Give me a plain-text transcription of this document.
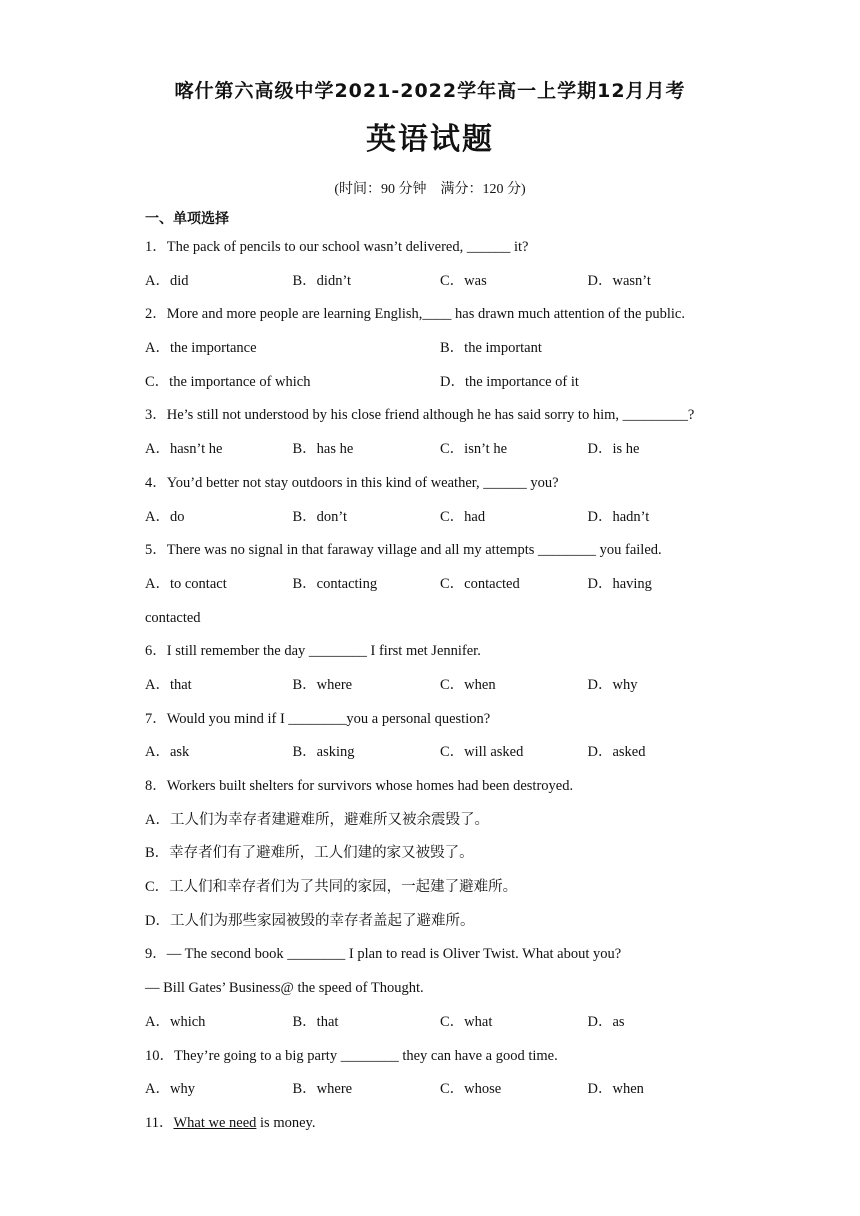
喀什第六高级中学2021-2022学年高一上学期12月月考
英语试题
(时间：90 分钟　满分：120 分)
一、单项选择
1．The pack of pencils to our school wasn’t delivered, ______ it?
A．did	B．didn’t	C．was	D．wasn’t
2．More and more people are learning English,____ has drawn much attention of the public.
A．the importance	B．the important
C．the importance of which	D．the importance of it
3．He’s still not understood by his close friend although he has said sorry to him, _________?
A．hasn’t he	B．has he	C．isn’t he	D．is he
4．You’d better not stay outdoors in this kind of weather, ______ you?
A．do	B．don’t	C．had	D．hadn’t
5．There was no signal in that faraway village and all my attempts ________ you failed.
A．to contact	B．contacting	C．contacted	D．having
contacted
6．I still remember the day ________ I first met Jennifer.
A．that	B．where	C．when	D．why
7．Would you mind if I ________you a personal question?
A．ask	B．asking	C．will asked	D．asked
8．Workers built shelters for survivors whose homes had been destroyed.
A．工人们为幸存者建避难所，避难所又被余震毁了。
B．幸存者们有了避难所，工人们建的家又被毁了。
C．工人们和幸存者们为了共同的家园，一起建了避难所。
D．工人们为那些家园被毁的幸存者盖起了避难所。
9．— The second book ________ I plan to read is Oliver Twist. What about you?
— Bill Gates’ Business@ the speed of Thought.
A．which	B．that	C．what	D．as
10．They’re going to a big party ________ they can have a good time.
A．why	B．where	C．whose	D．when
11．What we need is money.
